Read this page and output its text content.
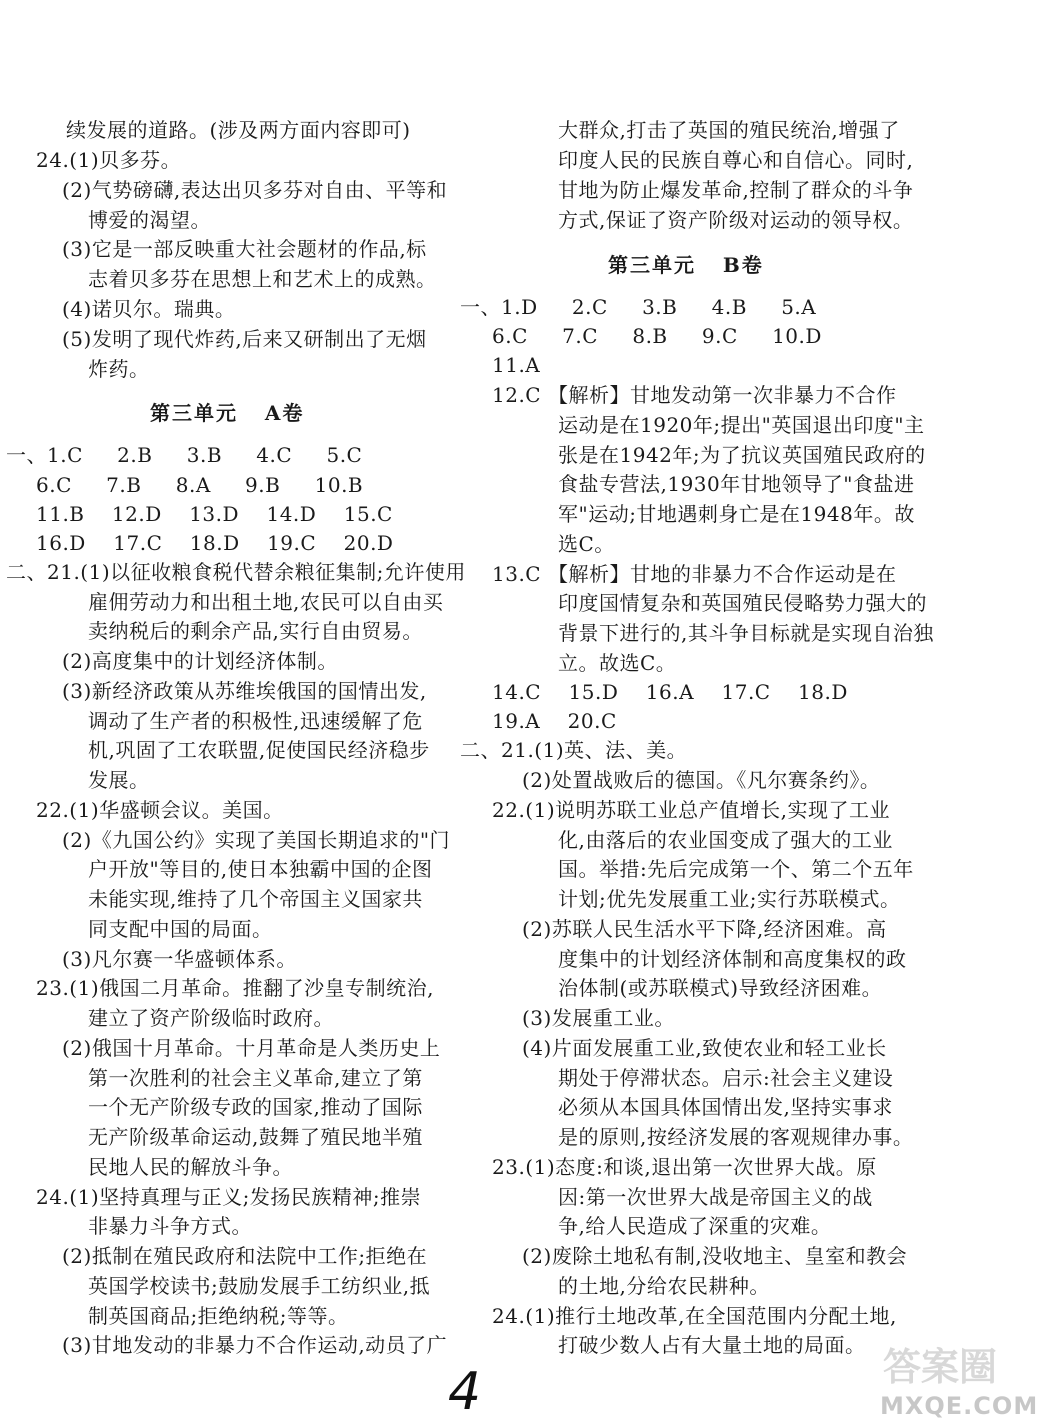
续发展的道路。(涉及两方面内容即可)
24.(1)贝多芬。
(2)气势磅礴,表达出贝多芬对自由、平等和
博爱的渴望。
(3)它是一部反映重大社会题材的作品,标
志着贝多芬在思想上和艺术上的成熟。
(4)诺贝尔。瑞典。
(5)发明了现代炸药,后来又研制出了无烟
炸药。
第三单元   A卷
一、1.C     2.B     3.B     4.C     5.C
6.C     7.B     8.A     9.B     10.B
11.B    12.D    13.D    14.D    15.C
16.D    17.C    18.D    19.C    20.D
二、21.(1)以征收粮食税代替余粮征集制;允许使用
雇佣劳动力和出租土地,农民可以自由买
卖纳税后的剩余产品,实行自由贸易。
(2)高度集中的计划经济体制。
(3)新经济政策从苏维埃俄国的国情出发,
调动了生产者的积极性,迅速缓解了危
机,巩固了工农联盟,促使国民经济稳步
发展。
22.(1)华盛顿会议。美国。
(2)《九国公约》实现了美国长期追求的"门
户开放"等目的,使日本独霸中国的企图
未能实现,维持了几个帝国主义国家共
同支配中国的局面。
(3)凡尔赛一华盛顿体系。
23.(1)俄国二月革命。推翻了沙皇专制统治,
建立了资产阶级临时政府。
(2)俄国十月革命。十月革命是人类历史上
第一次胜利的社会主义革命,建立了第
一个无产阶级专政的国家,推动了国际
无产阶级革命运动,鼓舞了殖民地半殖
民地人民的解放斗争。
24.(1)坚持真理与正义;发扬民族精神;推崇
非暴力斗争方式。
(2)抵制在殖民政府和法院中工作;拒绝在
英国学校读书;鼓励发展手工纺织业,抵
制英国商品;拒绝纳税;等等。
(3)甘地发动的非暴力不合作运动,动员了广
大群众,打击了英国的殖民统治,增强了
印度人民的民族自尊心和自信心。同时,
甘地为防止爆发革命,控制了群众的斗争
方式,保证了资产阶级对运动的领导权。
第三单元   B卷
一、1.D     2.C     3.B     4.B     5.A
6.C     7.C     8.B     9.C     10.D
11.A
12.C 【解析】甘地发动第一次非暴力不合作
运动是在1920年;提出"英国退出印度"主
张是在1942年;为了抗议英国殖民政府的
食盐专营法,1930年甘地领导了"食盐进
军"运动;甘地遇刺身亡是在1948年。故
选C。
13.C 【解析】甘地的非暴力不合作运动是在
印度国情复杂和英国殖民侵略势力强大的
背景下进行的,其斗争目标就是实现自治独
立。故选C。
14.C    15.D    16.A    17.C    18.D
19.A    20.C
二、21.(1)英、法、美。
(2)处置战败后的德国。《凡尔赛条约》。
22.(1)说明苏联工业总产值增长,实现了工业
化,由落后的农业国变成了强大的工业
国。举措:先后完成第一个、第二个五年
计划;优先发展重工业;实行苏联模式。
(2)苏联人民生活水平下降,经济困难。高
度集中的计划经济体制和高度集权的政
治体制(或苏联模式)导致经济困难。
(3)发展重工业。
(4)片面发展重工业,致使农业和轻工业长
期处于停滞状态。启示:社会主义建设
必须从本国具体国情出发,坚持实事求
是的原则,按经济发展的客观规律办事。
23.(1)态度:和谈,退出第一次世界大战。原
因:第一次世界大战是帝国主义的战
争,给人民造成了深重的灾难。
(2)废除土地私有制,没收地主、皇室和教会
的土地,分给农民耕种。
24.(1)推行土地改革,在全国范围内分配土地,
打破少数人占有大量土地的局面。
4	答案圈
MXQE.COM
